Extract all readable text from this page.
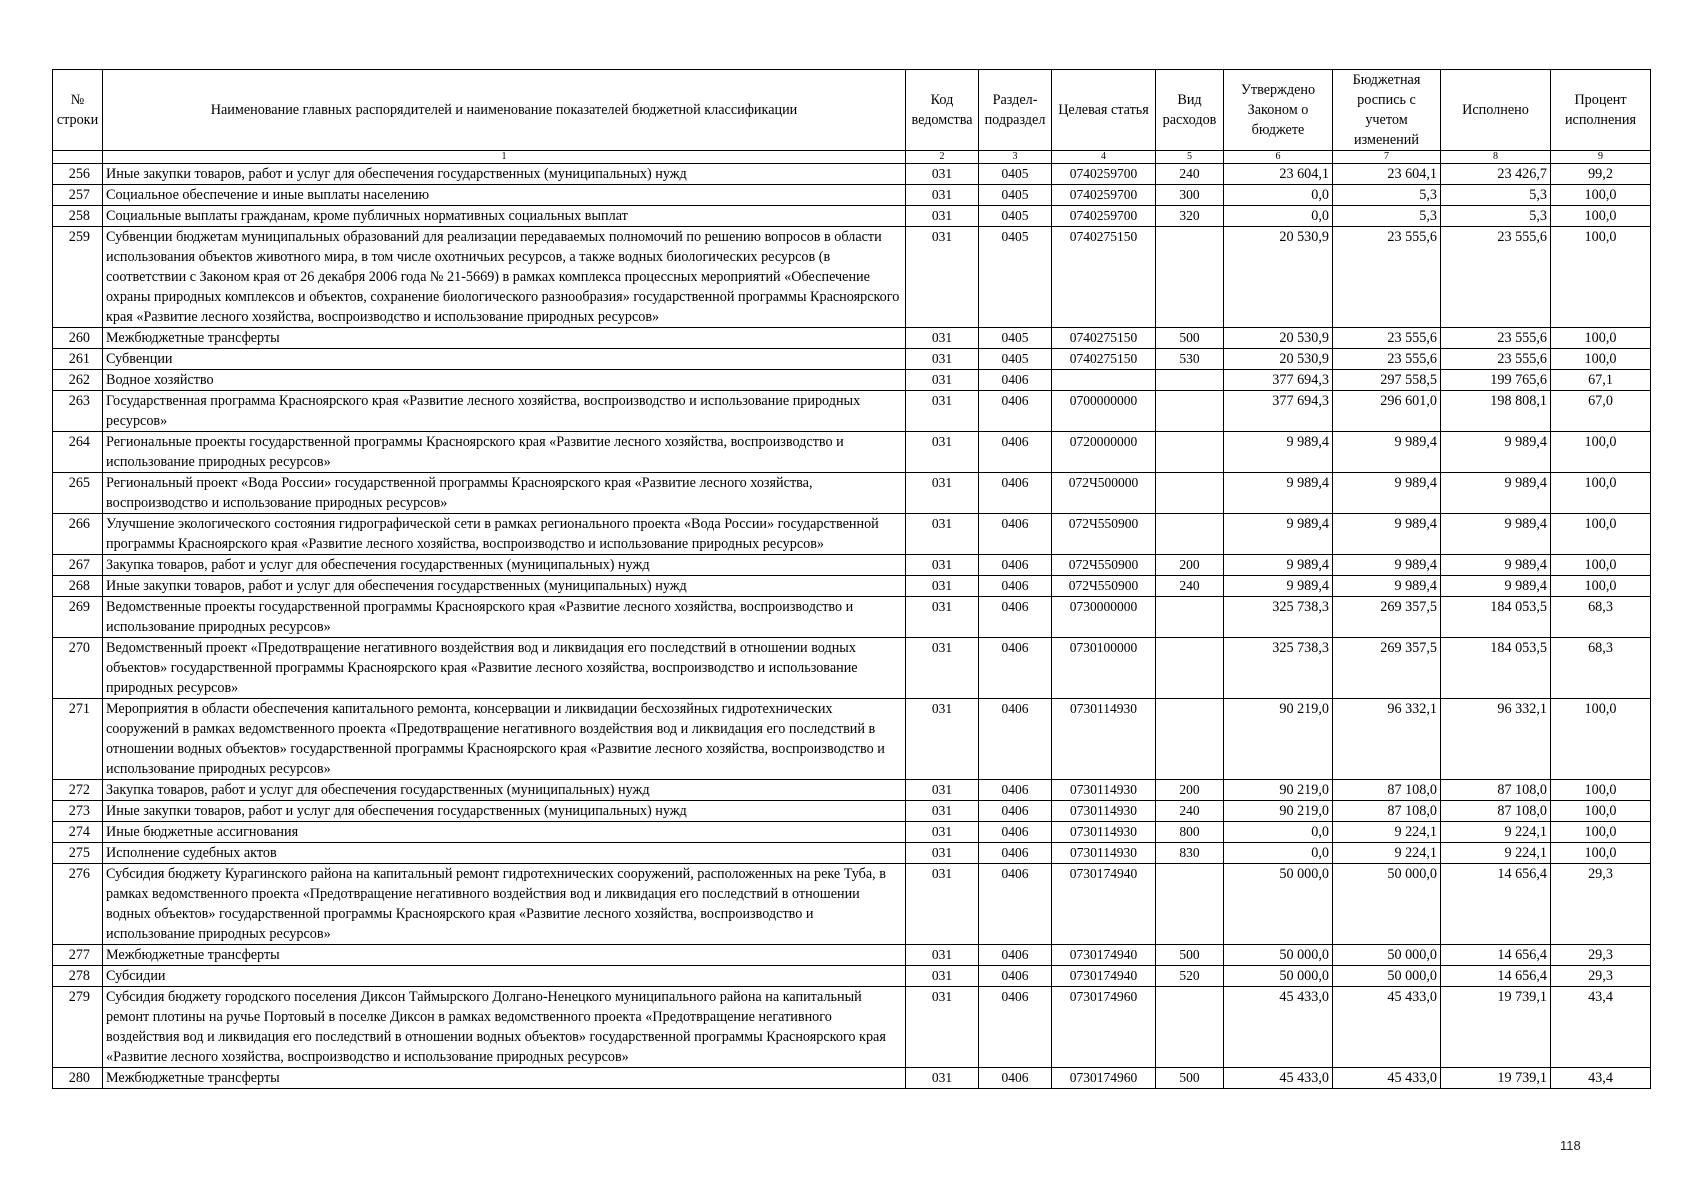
№ строки	Наименование главных распорядителей и наименование показателей бюджетной классификации	Код ведомства	Раздел-подраздел	Целевая статья	Вид расходов	Утверждено Законом о бюджете	Бюджетная роспись с учетом изменений	Исполнено	Процент исполнения
	1	2	3	4	5	6	7	8	9
256	Иные закупки товаров, работ и услуг для обеспечения государственных (муниципальных) нужд	031	0405	0740259700	240	23 604,1	23 604,1	23 426,7	99,2
257	Социальное обеспечение и иные выплаты населению	031	0405	0740259700	300	0,0	5,3	5,3	100,0
258	Социальные выплаты гражданам, кроме публичных нормативных социальных выплат	031	0405	0740259700	320	0,0	5,3	5,3	100,0
259	Субвенции бюджетам муниципальных образований для реализации передаваемых полномочий по решению вопросов в области использования объектов животного мира, в том числе охотничьих ресурсов, а также водных биологических ресурсов (в соответствии с Законом края от 26 декабря 2006 года № 21-5669) в рамках комплекса процессных мероприятий «Обеспечение охраны природных комплексов и объектов, сохранение биологического разнообразия» государственной программы Красноярского края «Развитие лесного хозяйства, воспроизводство и использование природных ресурсов»	031	0405	0740275150		20 530,9	23 555,6	23 555,6	100,0
260	Межбюджетные трансферты	031	0405	0740275150	500	20 530,9	23 555,6	23 555,6	100,0
261	Субвенции	031	0405	0740275150	530	20 530,9	23 555,6	23 555,6	100,0
262	Водное хозяйство	031	0406			377 694,3	297 558,5	199 765,6	67,1
263	Государственная программа Красноярского края «Развитие лесного хозяйства, воспроизводство и использование природных ресурсов»	031	0406	0700000000		377 694,3	296 601,0	198 808,1	67,0
264	Региональные проекты государственной программы Красноярского края «Развитие лесного хозяйства, воспроизводство и использование природных ресурсов»	031	0406	0720000000		9 989,4	9 989,4	9 989,4	100,0
265	Региональный проект «Вода России» государственной программы Красноярского края «Развитие лесного хозяйства, воспроизводство и использование природных ресурсов»	031	0406	072Ч500000		9 989,4	9 989,4	9 989,4	100,0
266	Улучшение экологического состояния гидрографической сети в рамках регионального проекта «Вода России» государственной программы Красноярского края «Развитие лесного хозяйства, воспроизводство и использование природных ресурсов»	031	0406	072Ч550900		9 989,4	9 989,4	9 989,4	100,0
267	Закупка товаров, работ и услуг для обеспечения государственных (муниципальных) нужд	031	0406	072Ч550900	200	9 989,4	9 989,4	9 989,4	100,0
268	Иные закупки товаров, работ и услуг для обеспечения государственных (муниципальных) нужд	031	0406	072Ч550900	240	9 989,4	9 989,4	9 989,4	100,0
269	Ведомственные проекты государственной программы Красноярского края «Развитие лесного хозяйства, воспроизводство и использование природных ресурсов»	031	0406	0730000000		325 738,3	269 357,5	184 053,5	68,3
270	Ведомственный проект «Предотвращение негативного воздействия вод и ликвидация его последствий в отношении водных объектов» государственной программы Красноярского края «Развитие лесного хозяйства, воспроизводство и использование природных ресурсов»	031	0406	0730100000		325 738,3	269 357,5	184 053,5	68,3
271	Мероприятия в области обеспечения капитального ремонта, консервации и ликвидации бесхозяйных гидротехнических сооружений в рамках ведомственного проекта «Предотвращение негативного воздействия вод и ликвидация его последствий в отношении водных объектов» государственной программы Красноярского края «Развитие лесного хозяйства, воспроизводство и использование природных ресурсов»	031	0406	0730114930		90 219,0	96 332,1	96 332,1	100,0
272	Закупка товаров, работ и услуг для обеспечения государственных (муниципальных) нужд	031	0406	0730114930	200	90 219,0	87 108,0	87 108,0	100,0
273	Иные закупки товаров, работ и услуг для обеспечения государственных (муниципальных) нужд	031	0406	0730114930	240	90 219,0	87 108,0	87 108,0	100,0
274	Иные бюджетные ассигнования	031	0406	0730114930	800	0,0	9 224,1	9 224,1	100,0
275	Исполнение судебных актов	031	0406	0730114930	830	0,0	9 224,1	9 224,1	100,0
276	Субсидия бюджету Курагинского района на капитальный ремонт гидротехнических сооружений, расположенных на реке Туба, в рамках ведомственного проекта «Предотвращение негативного воздействия вод и ликвидация его последствий в отношении водных объектов» государственной программы Красноярского края «Развитие лесного хозяйства, воспроизводство и использование природных ресурсов»	031	0406	0730174940		50 000,0	50 000,0	14 656,4	29,3
277	Межбюджетные трансферты	031	0406	0730174940	500	50 000,0	50 000,0	14 656,4	29,3
278	Субсидии	031	0406	0730174940	520	50 000,0	50 000,0	14 656,4	29,3
279	Субсидия бюджету городского поселения Диксон Таймырского Долгано-Ненецкого муниципального района на капитальный ремонт плотины на ручье Портовый в поселке Диксон в рамках ведомственного проекта «Предотвращение негативного воздействия вод и ликвидация его последствий в отношении водных объектов» государственной программы Красноярского края «Развитие лесного хозяйства, воспроизводство и использование природных ресурсов»	031	0406	0730174960		45 433,0	45 433,0	19 739,1	43,4
280	Межбюджетные трансферты	031	0406	0730174960	500	45 433,0	45 433,0	19 739,1	43,4
118
